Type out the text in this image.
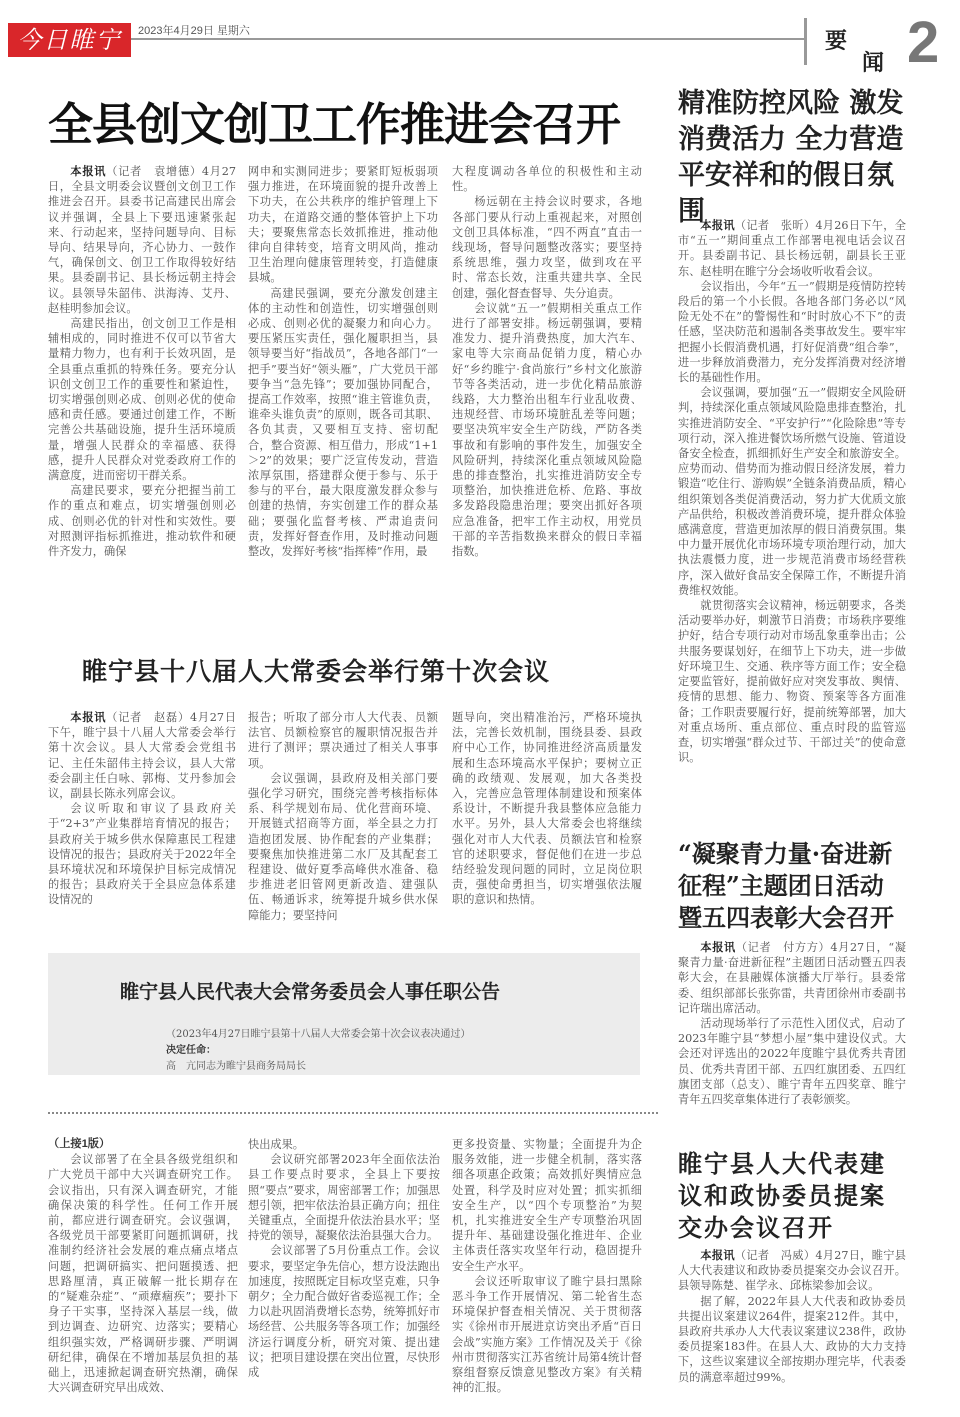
今日睢宁	2023年4月29日 星期六	要
闻 2
全县创文创卫工作推进会召开

本报讯（记者　袁增德）4月27日，全县文明委会议暨创文创卫工作推进会召开。县委书记高建民出席会议并强调，全县上下要迅速紧张起来、行动起来，坚持问题导向、目标导向、结果导向，齐心协力、一鼓作气，确保创文、创卫工作取得较好结果。县委副书记、县长杨远朝主持会议。县领导朱韶伟、洪海涛、艾丹、赵桂明参加会议。

高建民指出，创文创卫工作是相辅相成的，同时推进不仅可以节省大量精力物力，也有利于长效巩固，是全县重点重抓的特殊任务。要充分认识创文创卫工作的重要性和紧迫性，切实增强创则必成、创则必优的使命感和责任感。要通过创建工作，不断完善公共基础设施，提升生活环境质量，增强人民群众的幸福感、获得感，提升人民群众对党委政府工作的满意度，进而密切干群关系。

高建民要求，要充分把握当前工作的重点和难点，切实增强创则必成、创则必优的针对性和实效性。要对照测评指标抓推进，推动软件和硬件齐发力，确保

网申和实测同进步；要紧盯短板弱项强力推进，在环境面貌的提升改善上下功夫，在公共秩序的维护管理上下功夫，在道路交通的整体管护上下功夫；要聚焦常态长效抓推进，推动他律向自律转变，培育文明风尚，推动卫生治理向健康管理转变，打造健康县城。

高建民强调，要充分激发创建主体的主动性和创造性，切实增强创则必成、创则必优的凝聚力和向心力。要压紧压实责任，强化履职担当，县领导要当好“指战员”，各地各部门“一把手”要当好“领头雁”，广大党员干部要争当“急先锋”；要加强协同配合，提高工作效率，按照“谁主管谁负责，谁牵头谁负责”的原则，既各司其职、各负其责，又要相互支持、密切配合，整合资源、相互借力，形成“1+1＞2”的效果；要广泛宣传发动，营造浓厚氛围，搭建群众便于参与、乐于参与的平台，最大限度激发群众参与创建的热情，夯实创建工作的群众基础；要强化监督考核、严肃追责问责，发挥好督查作用，及时推动问题整改，发挥好考核“指挥棒”作用，最

大程度调动各单位的积极性和主动性。

杨远朝在主持会议时要求，各地各部门要从行动上重视起来，对照创文创卫具体标准，“四不两直”直击一线现场，督导问题整改落实；要坚持系统思维，强力攻坚，做到攻在平时、常态长效，注重共建共享、全民创建，强化督查督导、失分追责。

会议就“五一”假期相关重点工作进行了部署安排。杨远朝强调，要精准发力、提升消费热度，加大汽车、家电等大宗商品促销力度，精心办好“乡约睢宁·食尚旅行”乡村文化旅游节等各类活动，进一步优化精品旅游线路，大力整治出租车行业乱收费、违规经营、市场环境脏乱差等问题；要坚决筑牢安全生产防线，严防各类事故和有影响的事件发生，加强安全风险研判，持续深化重点领域风险隐患的排查整治，扎实推进消防安全专项整治，加快推进危桥、危路、事故多发路段隐患治理；要突出抓好各项应急准备，把牢工作主动权，用党员干部的辛苦指数换来群众的假日幸福指数。

精准防控风险 激发消费活力 全力营造平安祥和的假日氛围

本报讯（记者　张昕）4月26日下午，全市“五一”期间重点工作部署电视电话会议召开。县委副书记、县长杨远朝，副县长王亚东、赵桂明在睢宁分会场收听收看会议。

会议指出，今年“五一”假期是疫情防控转段后的第一个小长假。各地各部门务必以“风险无处不在”的警惕性和“时时放心不下”的责任感，坚决防范和遏制各类事故发生。要牢牢把握小长假消费机遇，打好促消费“组合拳”，进一步释放消费潜力，充分发挥消费对经济增长的基础性作用。

会议强调，要加强“五一”假期安全风险研判，持续深化重点领域风险隐患排查整治，扎实推进消防安全、“平安护行”“化险除患”等专项行动，深入推进餐饮场所燃气设施、管道设备安全检查，抓细抓好生产安全和旅游安全。应势而动、借势而为推动假日经济发展，着力锻造“吃住行、游购娱”全链条消费品质，精心组织策划各类促消费活动，努力扩大优质文旅产品供给，积极改善消费环境，提升群众体验感满意度，营造更加浓厚的假日消费氛围。集中力量开展优化市场环境专项治理行动，加大执法震慑力度，进一步规范消费市场经营秩序，深入做好食品安全保障工作，不断提升消费维权效能。

就贯彻落实会议精神，杨远朝要求，各类活动要举办好，刺激节日消费；市场秩序要维护好，结合专项行动对市场乱象重拳出击；公共服务要谋划好，在细节上下功夫，进一步做好环境卫生、交通、秩序等方面工作；安全稳定要监管好，提前做好应对突发事故、舆情、疫情的思想、能力、物资、预案等各方面准备；工作职责要履行好，提前统筹部署，加大对重点场所、重点部位、重点时段的监管巡查，切实增强“群众过节、干部过关”的使命意识。

睢宁县十八届人大常委会举行第十次会议

本报讯（记者　赵磊）4月27日下午，睢宁县十八届人大常委会举行第十次会议。县人大常委会党组书记、主任朱韶伟主持会议，县人大常委会副主任白咏、郭梅、艾丹参加会议，副县长陈永列席会议。

会议听取和审议了县政府关于“2+3”产业集群培育情况的报告；县政府关于城乡供水保障惠民工程建设情况的报告；县政府关于2022年全县环境状况和环境保护目标完成情况的报告；县政府关于全县应急体系建设情况的

报告；听取了部分市人大代表、员额法官、员额检察官的履职情况报告并进行了测评；票决通过了相关人事事项。

会议强调，县政府及相关部门要强化学习研究，围绕完善考核指标体系、科学规划布局、优化营商环境、开展链式招商等方面，举全县之力打造抱团发展、协作配套的产业集群；要聚焦加快推进第二水厂及其配套工程建设、做好夏季高峰供水准备、稳步推进老旧管网更新改造、建强队伍、畅通诉求，统筹提升城乡供水保障能力；要坚持问

题导向，突出精准治污，严格环境执法，完善长效机制，围绕县委、县政府中心工作，协同推进经济高质量发展和生态环境高水平保护；要树立正确的政绩观、发展观，加大各类投入，完善应急管理体制建设和预案体系设计，不断提升我县整体应急能力水平。另外，县人大常委会也将继续强化对市人大代表、员额法官和检察官的述职要求，督促他们在进一步总结经验发现问题的同时，立足岗位职责，强使命勇担当，切实增强依法履职的意识和热情。

睢宁县人民代表大会常务委员会人事任职公告
（2023年4月27日睢宁县第十八届人大常委会第十次会议表决通过）
决定任命：
高　亢同志为睢宁县商务局局长

（上接1版）

会议部署了在全县各级党组织和广大党员干部中大兴调查研究工作。会议指出，只有深入调查研究，才能确保决策的科学性。任何工作开展前，都应进行调查研究。会议强调，各级党员干部要紧盯问题抓调研，找准制约经济社会发展的难点痛点堵点问题，把调研搞实、把问题摸透、把思路厘清，真正破解一批长期存在的“疑难杂症”、“顽瘴痼疾”；要扑下身子干实事，坚持深入基层一线，做到边调查、边研究、边落实；要精心组织强实效，严格调研步骤、严明调研纪律，确保在不增加基层负担的基础上，迅速掀起调查研究热潮，确保大兴调查研究早出成效、

快出成果。

会议研究部署2023年全面依法治县工作要点时要求，全县上下要按照“要点”要求，周密部署工作；加强思想引领，把牢依法治县正确方向；扭住关键重点，全面提升依法治县水平；坚持党的领导，凝聚依法治县强大合力。

会议部署了5月份重点工作。会议要求，要坚定争先信心，想方设法跑出加速度，按照既定目标攻坚克难，只争朝夕；全力配合做好省委巡视工作；全力以赴巩固消费增长态势，统筹抓好市场经营、公共服务等各项工作；加强经济运行调度分析，研究对策、提出建议；把项目建设摆在突出位置，尽快形成

更多投资量、实物量；全面提升为企服务效能，进一步健全机制，落实落细各项惠企政策；高效抓好舆情应急处置，科学及时应对处置；抓实抓细安全生产，以“四个专项整治”为契机，扎实推进安全生产专项整治巩固提升年、基础建设强化推进年、企业主体责任落实攻坚年行动，稳固提升安全生产水平。

会议还听取审议了睢宁县扫黑除恶斗争工作开展情况、第二轮省生态环境保护督查相关情况、关于贯彻落实《徐州市开展进京访突出矛盾“百日会战”实施方案》工作情况及关于《徐州市贯彻落实江苏省统计局第4统计督察组督察反馈意见整改方案》有关精神的汇报。

“凝聚青力量·奋进新征程”主题团日活动暨五四表彰大会召开

本报讯（记者　付方方）4月27日，“凝聚青力量·奋进新征程”主题团日活动暨五四表彰大会，在县融媒体演播大厅举行。县委常委、组织部部长张弥雷，共青团徐州市委副书记许瑞出席活动。

活动现场举行了示范性入团仪式，启动了2023年睢宁县“梦想小屋”集中建设仪式。大会还对评选出的2022年度睢宁县优秀共青团员、优秀共青团干部、五四红旗团委、五四红旗团支部（总支）、睢宁青年五四奖章、睢宁青年五四奖章集体进行了表彰颁奖。

睢宁县人大代表建议和政协委员提案交办会议召开

本报讯（记者　冯威）4月27日，睢宁县人大代表建议和政协委员提案交办会议召开。县领导陈楚、崔学永、邱栋梁参加会议。

据了解，2022年县人大代表和政协委员共提出议案建议264件，提案212件。其中，县政府共承办人大代表议案建议238件，政协委员提案183件。在县人大、政协的大力支持下，这些议案建议全部按期办理完毕，代表委员的满意率超过99%。
